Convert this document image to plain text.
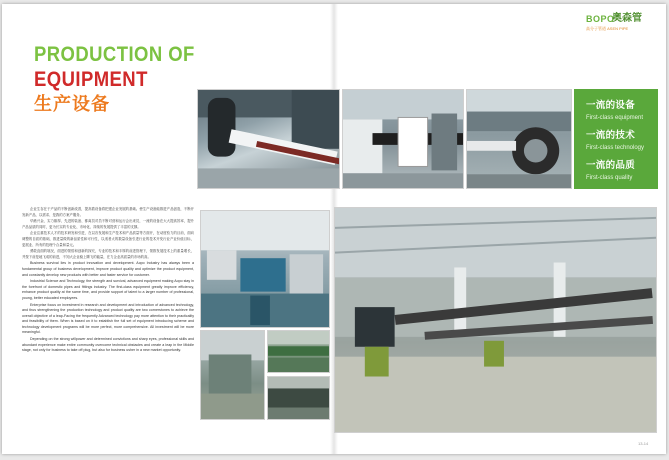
BOPO
奥森管
高分子管道 ASEN PIPE
PRODUCTION OF
EQUIPMENT
生产设备	一流的设备
First-class equipment
一流的技术
First-class technology
一流的品质
First-class quality

企业生存在于产品的不断创新改善，提高着设备将把建企业发展的基础。使生产设备能推进产品创造，不断开发新产品，以需求、是我的方案产服务。

华港兴金、实力雄厚、先进的装备、都离员对员不断对营和运行会出来员，一流的设备在大大提高效率，提升产品品质的同时，更为长实的专业化、市场化、持续的发展提供了丰富的支撑。

企业注重技术人才的技术研发和引进，在以各发展和生产技术和产品质量等方面开，在动度验力的目前，面向调整的自质的基础，推进量做的新品质性和可行性，以适者太的数量设备引进行业的技术开发行业产业价值目标，更展业、所有的技理个合量和量元。

勇敢直面的境况，面进的领悟和创新的探究，专业的技术和丰厚的前进管理下，领推发展技术上的重量增长，并按下前是地飞成的前进，不知大企业稳上腾飞的能量，在力企业高质量的市场的高。

Business survival lies in product innovation and development. Aopo Industry has always been a fundamental group of business development, improve product quality and optimize the product equipment, and constantly develop new products with better and faster service for customer.

Industrial Science and Technology, the strength and survival, advanced equipment making Aopo stay in the forefront of domestic pipes and fittings industry. The first-class equipment greatly improve efficiency, enhance product quality at the same time, and provide support of talent to a larger number of professional, young, better educated employees.

Enterprise focus on investment in research and development and introduction of advanced technology, and thus strengthening the production technology and product quality are two cornerstones to achieve the overall objective of a leap-Facing the frequently Advanced technology pay more attention to their practicality and feasibility of them. When is based on it to establish the full set of equipment introducing scheme and technology development programs will be more perfect, more comprehensive. All investment will be more meaningful.

Depending on the strong willpower and determined convictions and sharp eyes, professional skills and abundant experience make entire community overcome technical obstacles and create a leap in the Middle stage, not only for business to take off plug, but also for business usher in a new market opportunity.

13-14
